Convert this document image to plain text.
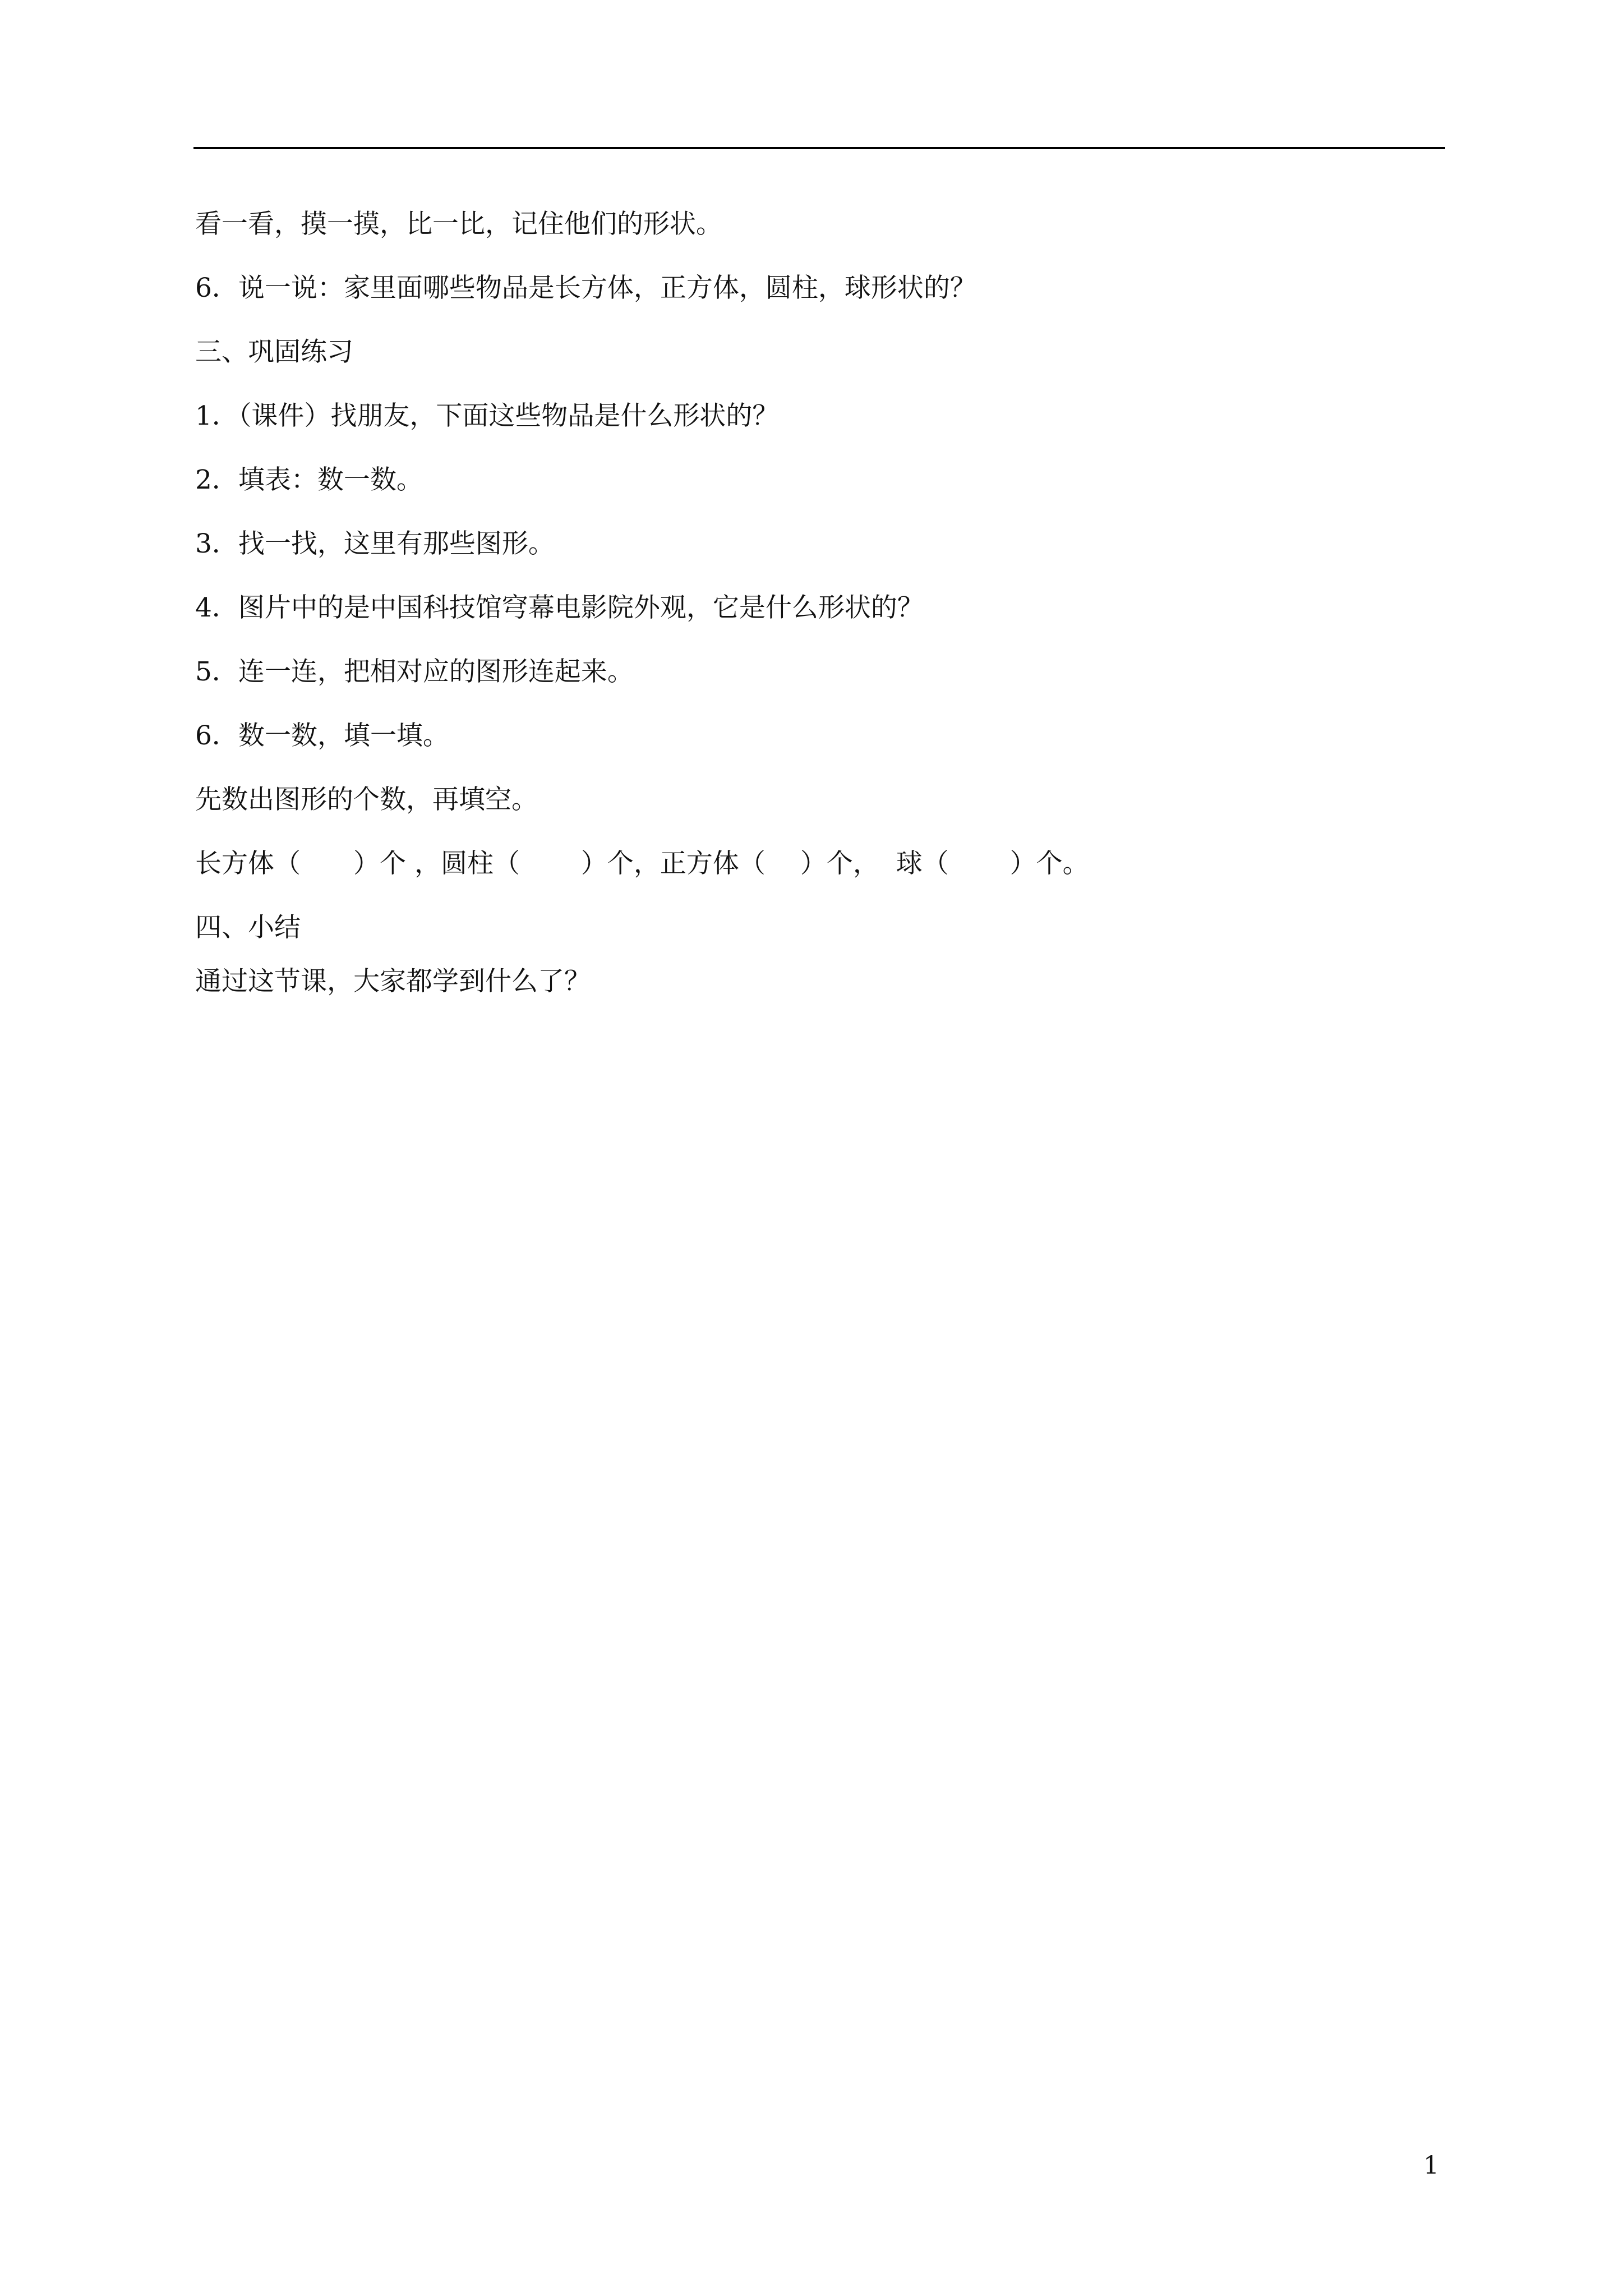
看一看，摸一摸，比一比，记住他们的形状。

6．说一说：家里面哪些物品是长方体，正方体，圆柱，球形状的？

三、巩固练习

1．（课件）找朋友，下面这些物品是什么形状的？

2．填表：数一数。

3．找一找，这里有那些图形。

4．图片中的是中国科技馆穹幕电影院外观，它是什么形状的？

5．连一连，把相对应的图形连起来。

6．数一数，填一填。

先数出图形的个数，再填空。

长方体（　　）个 ，圆柱（　　 ）个，正方体（　 ）个，  球（　　 ）个。

四、小结

通过这节课，大家都学到什么了？

1
